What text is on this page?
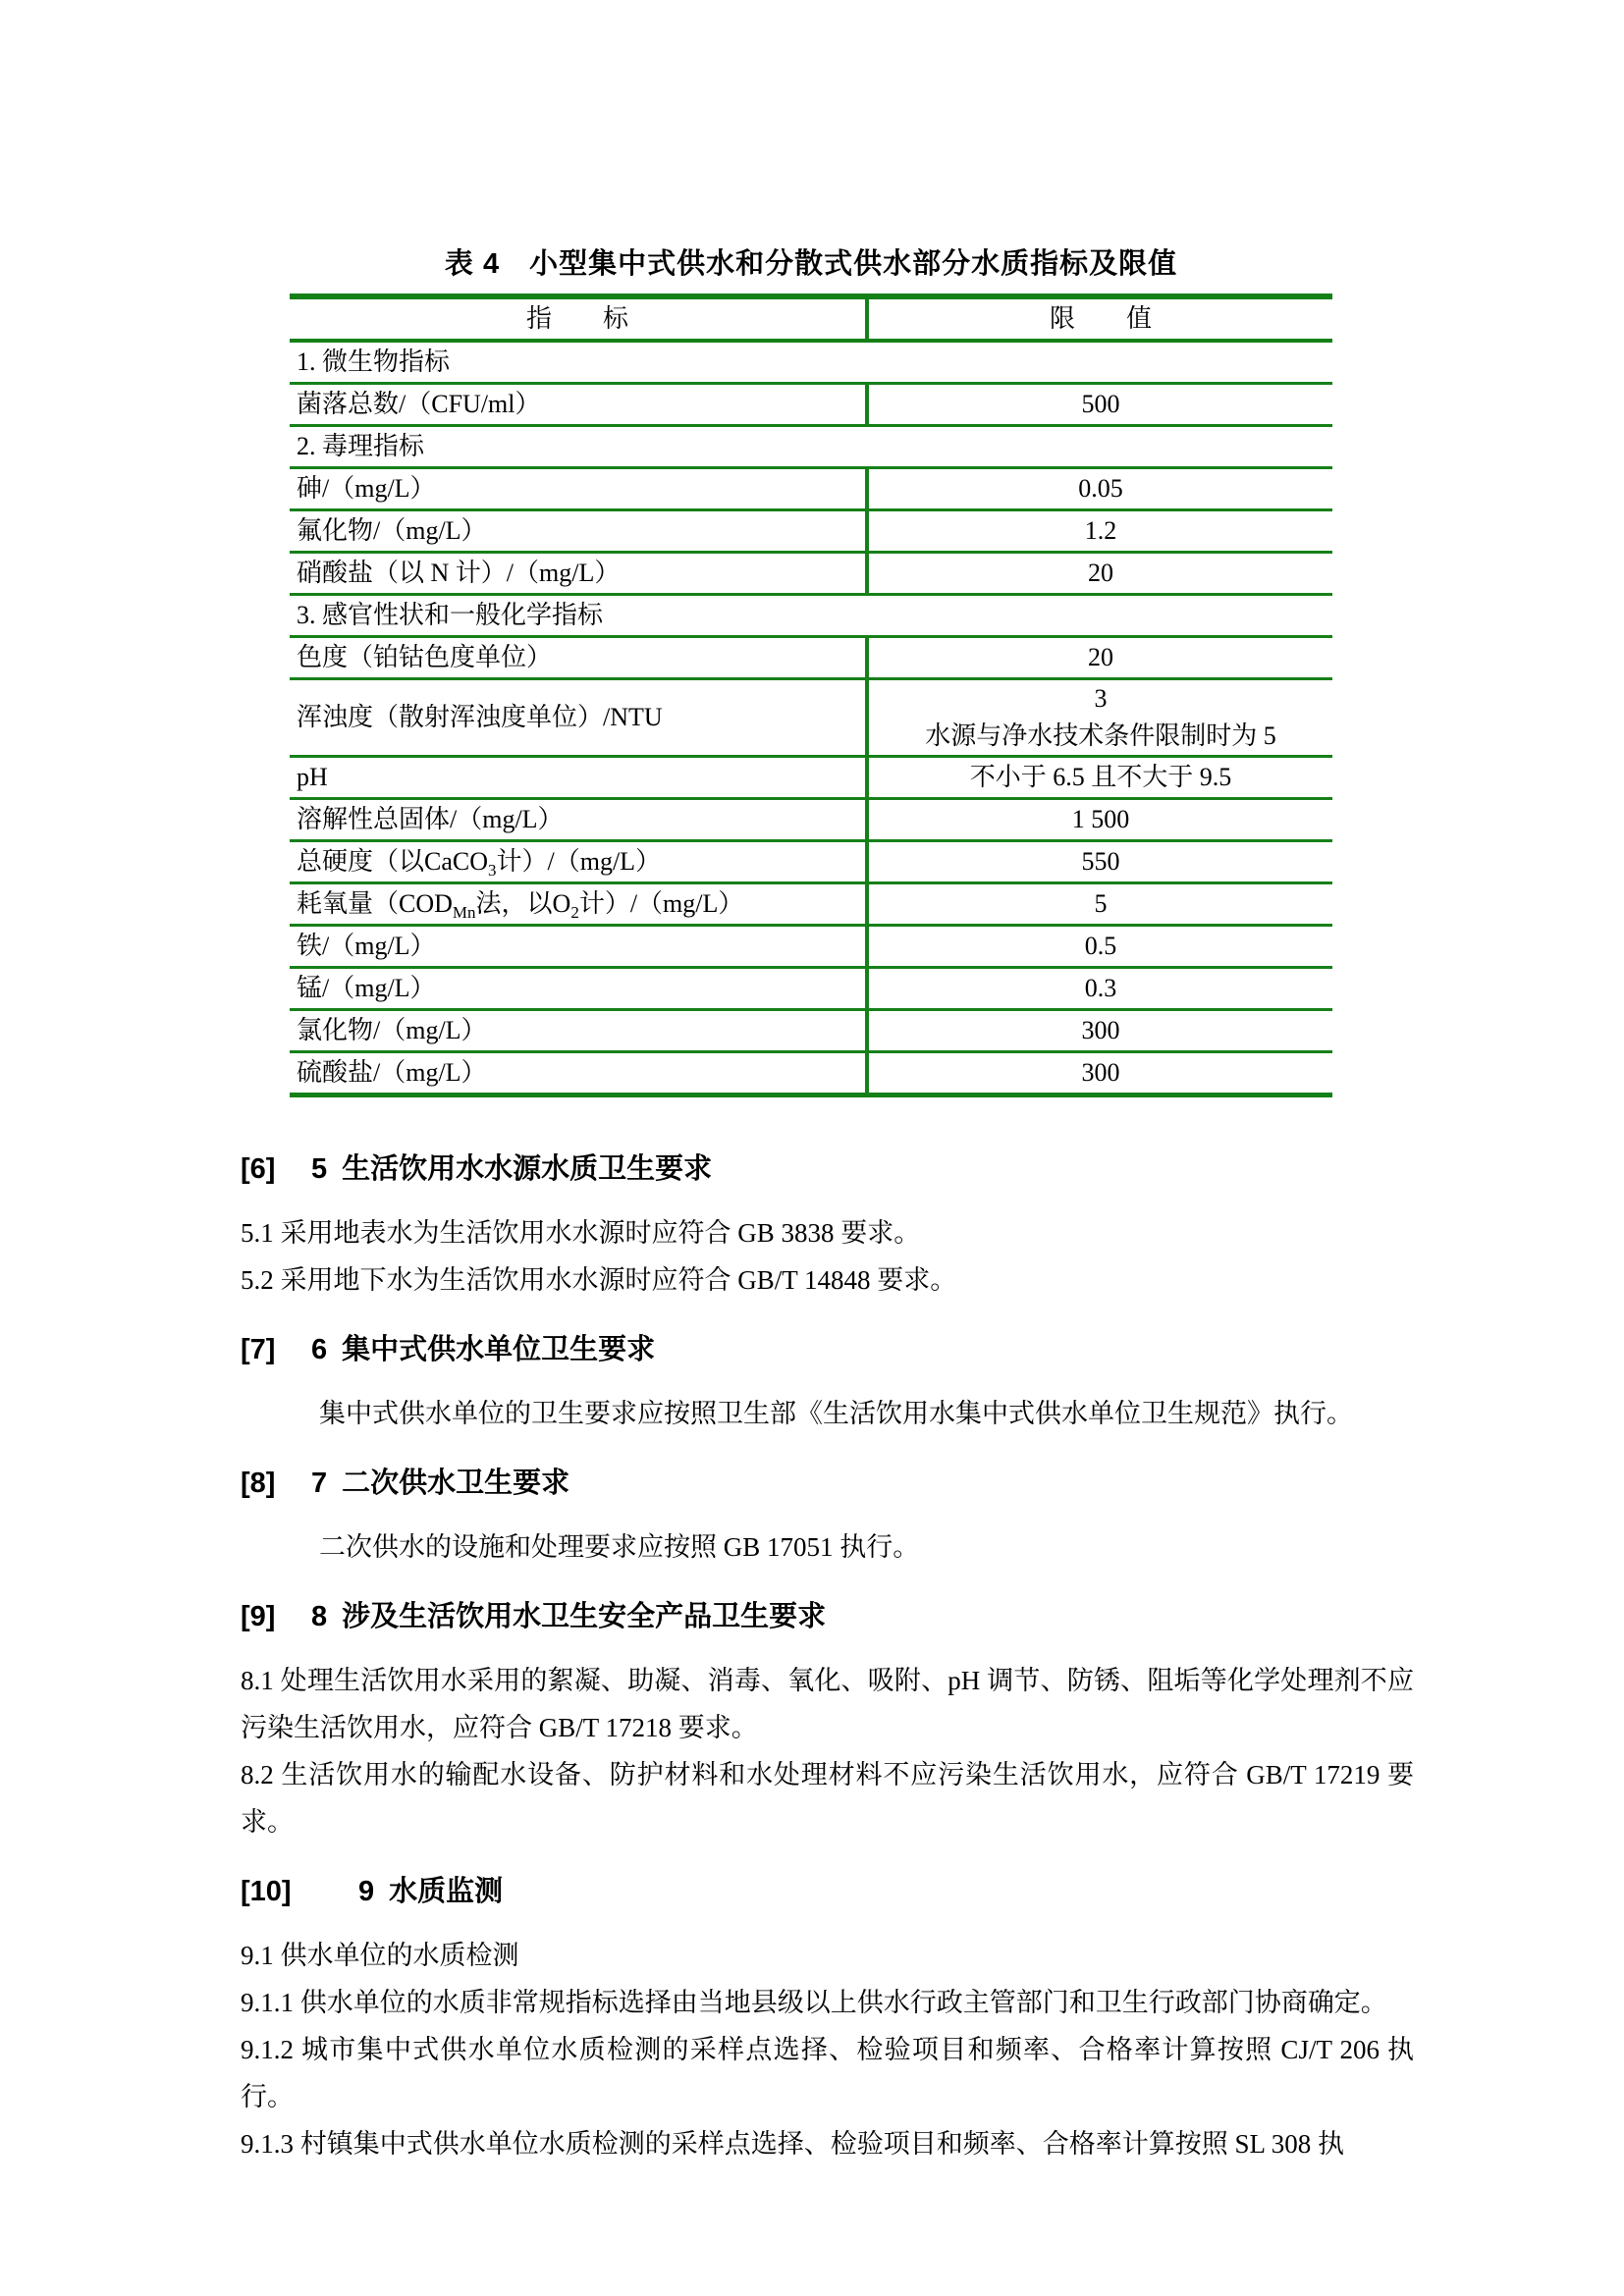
表 4　小型集中式供水和分散式供水部分水质指标及限值
指　　标	限　　值
1. 微生物指标	
菌落总数/（CFU/ml）	500

2. 毒理指标	
砷/（mg/L）	0.05

氟化物/（mg/L）	1.2

硝酸盐（以 N 计）/（mg/L）	20

3. 感官性状和一般化学指标	
色度（铂钴色度单位）	20

浑浊度（散射浑浊度单位）/NTU	3
水源与净水技术条件限制时为 5

pH	不小于 6.5 且不大于 9.5

溶解性总固体/（mg/L）	1 500

总硬度（以CaCO$_3$计）/（mg/L）	550

耗氧量（$COD_{Mn}$法，以$O_2$计）/（mg/L）	5

铁/（mg/L）	0.5

锰/（mg/L）	0.3

氯化物/（mg/L）	300

硫酸盐/（mg/L）	300
[6] 5 生活饮用水水源水质卫生要求

5.1 采用地表水为生活饮用水水源时应符合 GB 3838 要求。

5.2 采用地下水为生活饮用水水源时应符合 GB/T 14848 要求。

[7] 6 集中式供水单位卫生要求

集中式供水单位的卫生要求应按照卫生部《生活饮用水集中式供水单位卫生规范》执行。

[8] 7 二次供水卫生要求

二次供水的设施和处理要求应按照 GB 17051 执行。

[9] 8 涉及生活饮用水卫生安全产品卫生要求

8.1 处理生活饮用水采用的絮凝、助凝、消毒、氧化、吸附、pH 调节、防锈、阻垢等化学处理剂不应污染生活饮用水，应符合 GB/T 17218 要求。

8.2 生活饮用水的输配水设备、防护材料和水处理材料不应污染生活饮用水，应符合 GB/T 17219 要求。

[10] 9 水质监测

9.1 供水单位的水质检测

9.1.1 供水单位的水质非常规指标选择由当地县级以上供水行政主管部门和卫生行政部门协商确定。

9.1.2 城市集中式供水单位水质检测的采样点选择、检验项目和频率、合格率计算按照 CJ/T 206 执行。

9.1.3 村镇集中式供水单位水质检测的采样点选择、检验项目和频率、合格率计算按照 SL 308 执
